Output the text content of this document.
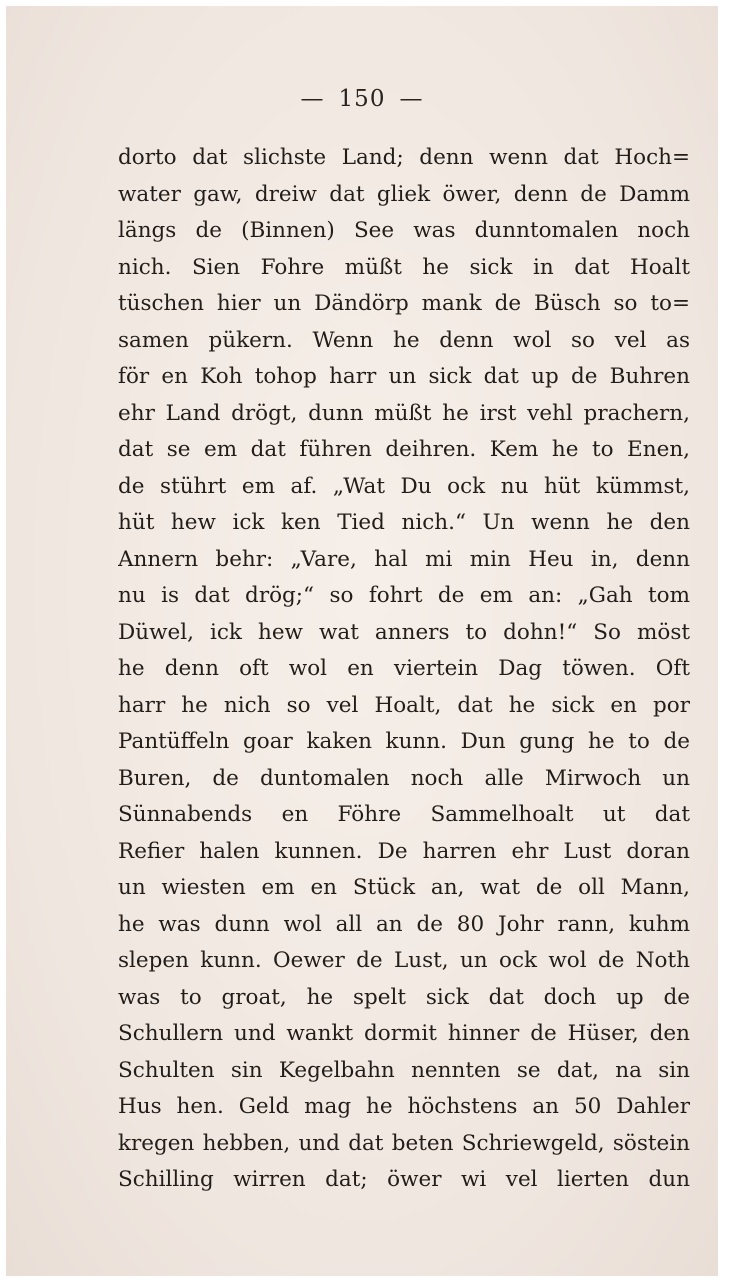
— 150 —
dorto dat slichste Land; denn wenn dat Hoch=
water gaw, dreiw dat gliek öwer, denn de Damm
längs de (Binnen) See was dunntomalen noch
nich. Sien Fohre müßt he sick in dat Hoalt
tüschen hier un Dändörp mank de Büsch so to=
samen pükern. Wenn he denn wol so vel as
för en Koh tohop harr un sick dat up de Buhren
ehr Land drögt, dunn müßt he irst vehl prachern,
dat se em dat führen deihren. Kem he to Enen,
de stührt em af. „Wat Du ock nu hüt kümmst,
hüt hew ick ken Tied nich.“ Un wenn he den
Annern behr: „Vare, hal mi min Heu in, denn
nu is dat drög;“ so fohrt de em an: „Gah tom
Düwel, ick hew wat anners to dohn!“ So möst
he denn oft wol en viertein Dag töwen. Oft
harr he nich so vel Hoalt, dat he sick en por
Pantüffeln goar kaken kunn. Dun gung he to de
Buren, de duntomalen noch alle Mirwoch un
Sünnabends en Föhre Sammelhoalt ut dat
Refier halen kunnen. De harren ehr Lust doran
un wiesten em en Stück an, wat de oll Mann,
he was dunn wol all an de 80 Johr rann, kuhm
slepen kunn. Oewer de Lust, un ock wol de Noth
was to groat, he spelt sick dat doch up de
Schullern und wankt dormit hinner de Hüser, den
Schulten sin Kegelbahn nennten se dat, na sin
Hus hen. Geld mag he höchstens an 50 Dahler
kregen hebben, und dat beten Schriewgeld, söstein
Schilling wirren dat; öwer wi vel lierten dun
